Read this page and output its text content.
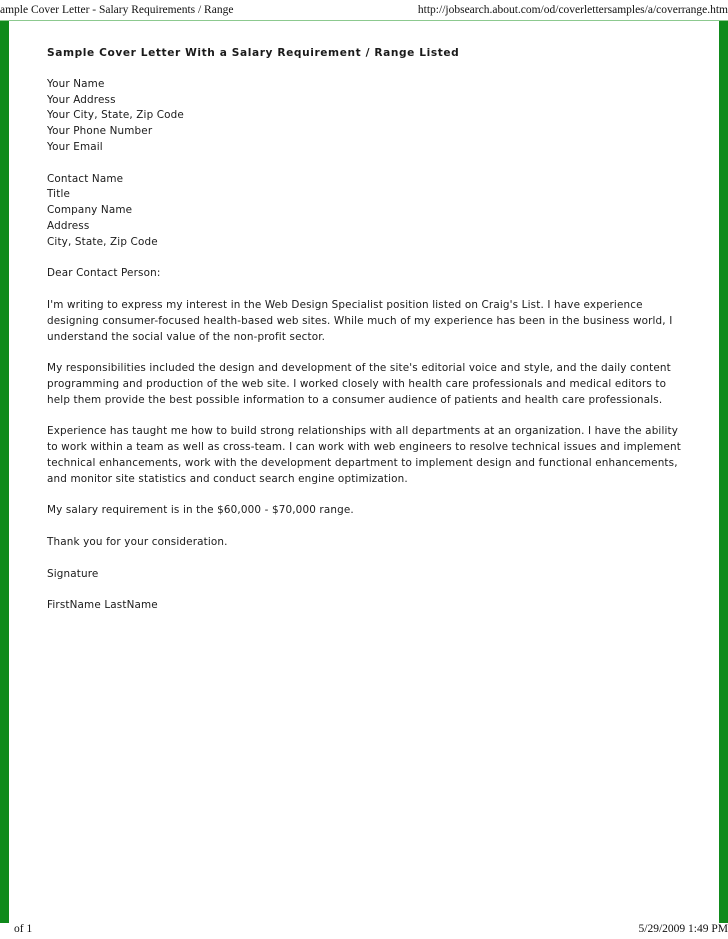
ample Cover Letter - Salary Requirements / Range	http://jobsearch.about.com/od/coverlettersamples/a/coverrange.htm
Sample Cover Letter With a Salary Requirement / Range Listed
Your Name
Your Address
Your City, State, Zip Code
Your Phone Number
Your Email
Contact Name
Title
Company Name
Address
City, State, Zip Code

Dear Contact Person:

I'm writing to express my interest in the Web Design Specialist position listed on Craig's List. I have experience
designing consumer-focused health-based web sites. While much of my experience has been in the business world, I
understand the social value of the non-profit sector.

My responsibilities included the design and development of the site's editorial voice and style, and the daily content
programming and production of the web site. I worked closely with health care professionals and medical editors to
help them provide the best possible information to a consumer audience of patients and health care professionals.

Experience has taught me how to build strong relationships with all departments at an organization. I have the ability
to work within a team as well as cross-team. I can work with web engineers to resolve technical issues and implement
technical enhancements, work with the development department to implement design and functional enhancements,
and monitor site statistics and conduct search engine optimization.

My salary requirement is in the $60,000 - $70,000 range.

Thank you for your consideration.

Signature

FirstName LastName

of 1	5/29/2009 1:49 PM
